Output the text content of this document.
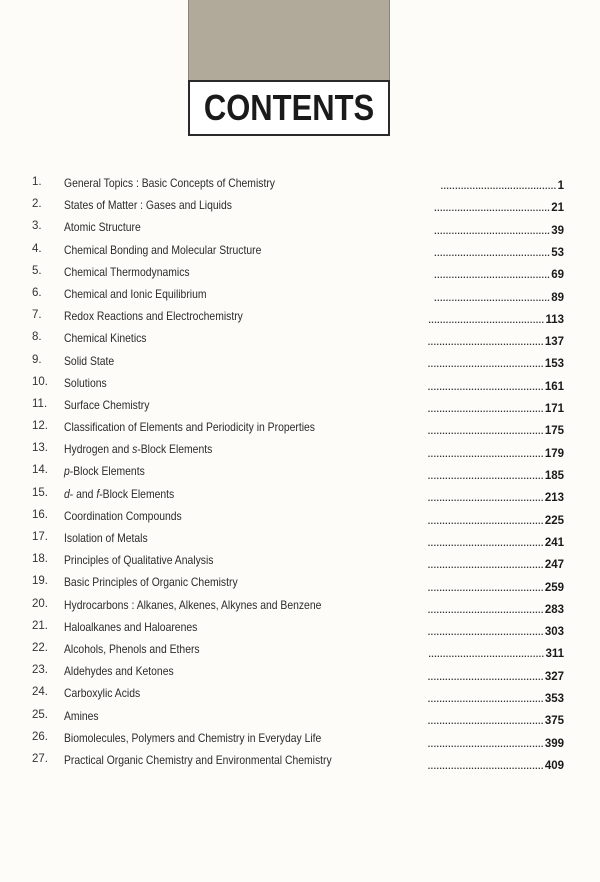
CONTENTS
1. General Topics : Basic Concepts of Chemistry	........................................ 1
2. States of Matter : Gases and Liquids	........................................ 21
3. Atomic Structure	........................................ 39
4. Chemical Bonding and Molecular Structure	........................................ 53
5. Chemical Thermodynamics	........................................ 69
6. Chemical and Ionic Equilibrium	........................................ 89
7. Redox Reactions and Electrochemistry	........................................ 113
8. Chemical Kinetics	........................................ 137
9. Solid State	........................................ 153
10. Solutions	........................................ 161
11. Surface Chemistry	........................................ 171
12. Classification of Elements and Periodicity in Properties	........................................ 175
13. Hydrogen and s-Block Elements	........................................ 179
14. p-Block Elements	........................................ 185
15. d- and f-Block Elements	........................................ 213
16. Coordination Compounds	........................................ 225
17. Isolation of Metals	........................................ 241
18. Principles of Qualitative Analysis	........................................ 247
19. Basic Principles of Organic Chemistry	........................................ 259
20. Hydrocarbons : Alkanes, Alkenes, Alkynes and Benzene	........................................ 283
21. Haloalkanes and Haloarenes	........................................ 303
22. Alcohols, Phenols and Ethers	........................................ 311
23. Aldehydes and Ketones	........................................ 327
24. Carboxylic Acids	........................................ 353
25. Amines	........................................ 375
26. Biomolecules, Polymers and Chemistry in Everyday Life	........................................ 399
27. Practical Organic Chemistry and Environmental Chemistry	........................................ 409
